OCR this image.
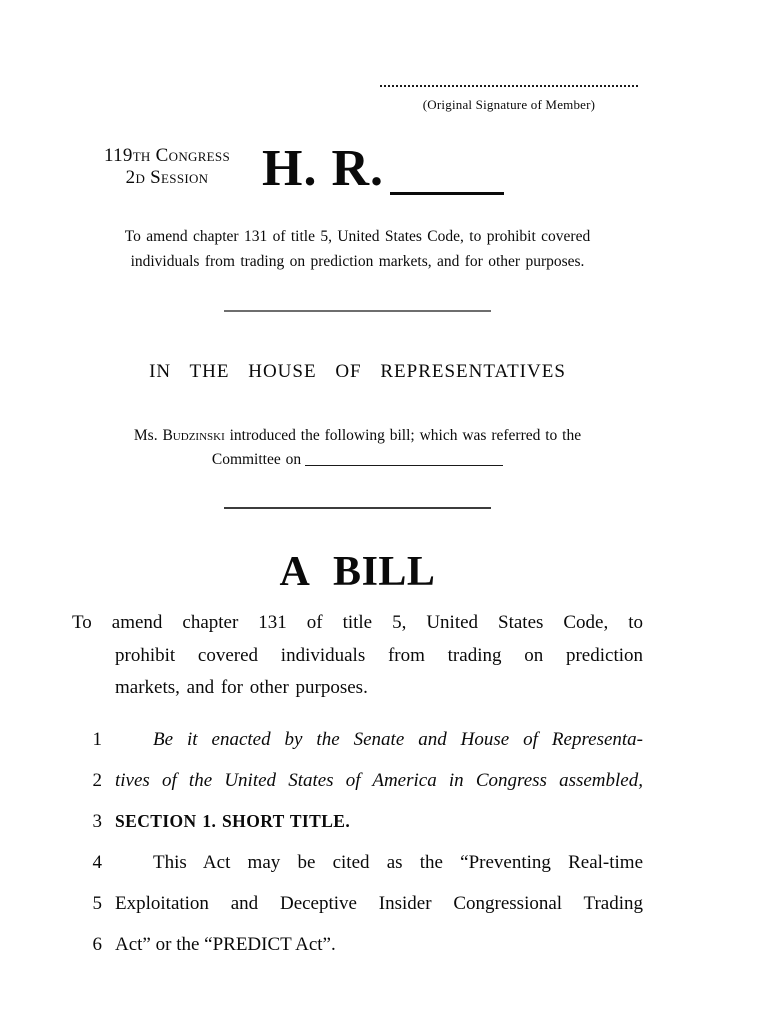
(Original Signature of Member)
119th Congress
2d Session	H. R.
To amend chapter 131 of title 5, United States Code, to prohibit covered
individuals from trading on prediction markets, and for other purposes.
IN THE HOUSE OF REPRESENTATIVES
Ms. Budzinski introduced the following bill; which was referred to the
Committee on
A BILL
To amend chapter 131 of title 5, United States Code, to
prohibit covered individuals from trading on prediction
markets, and for other purposes.
1	Be it enacted by the Senate and House of Representa-
2 tives of the United States of America in Congress assembled,
3 SECTION 1. SHORT TITLE.
4	This Act may be cited as the “Preventing Real-time
5 Exploitation and Deceptive Insider Congressional Trading
6 Act” or the “PREDICT Act”.
